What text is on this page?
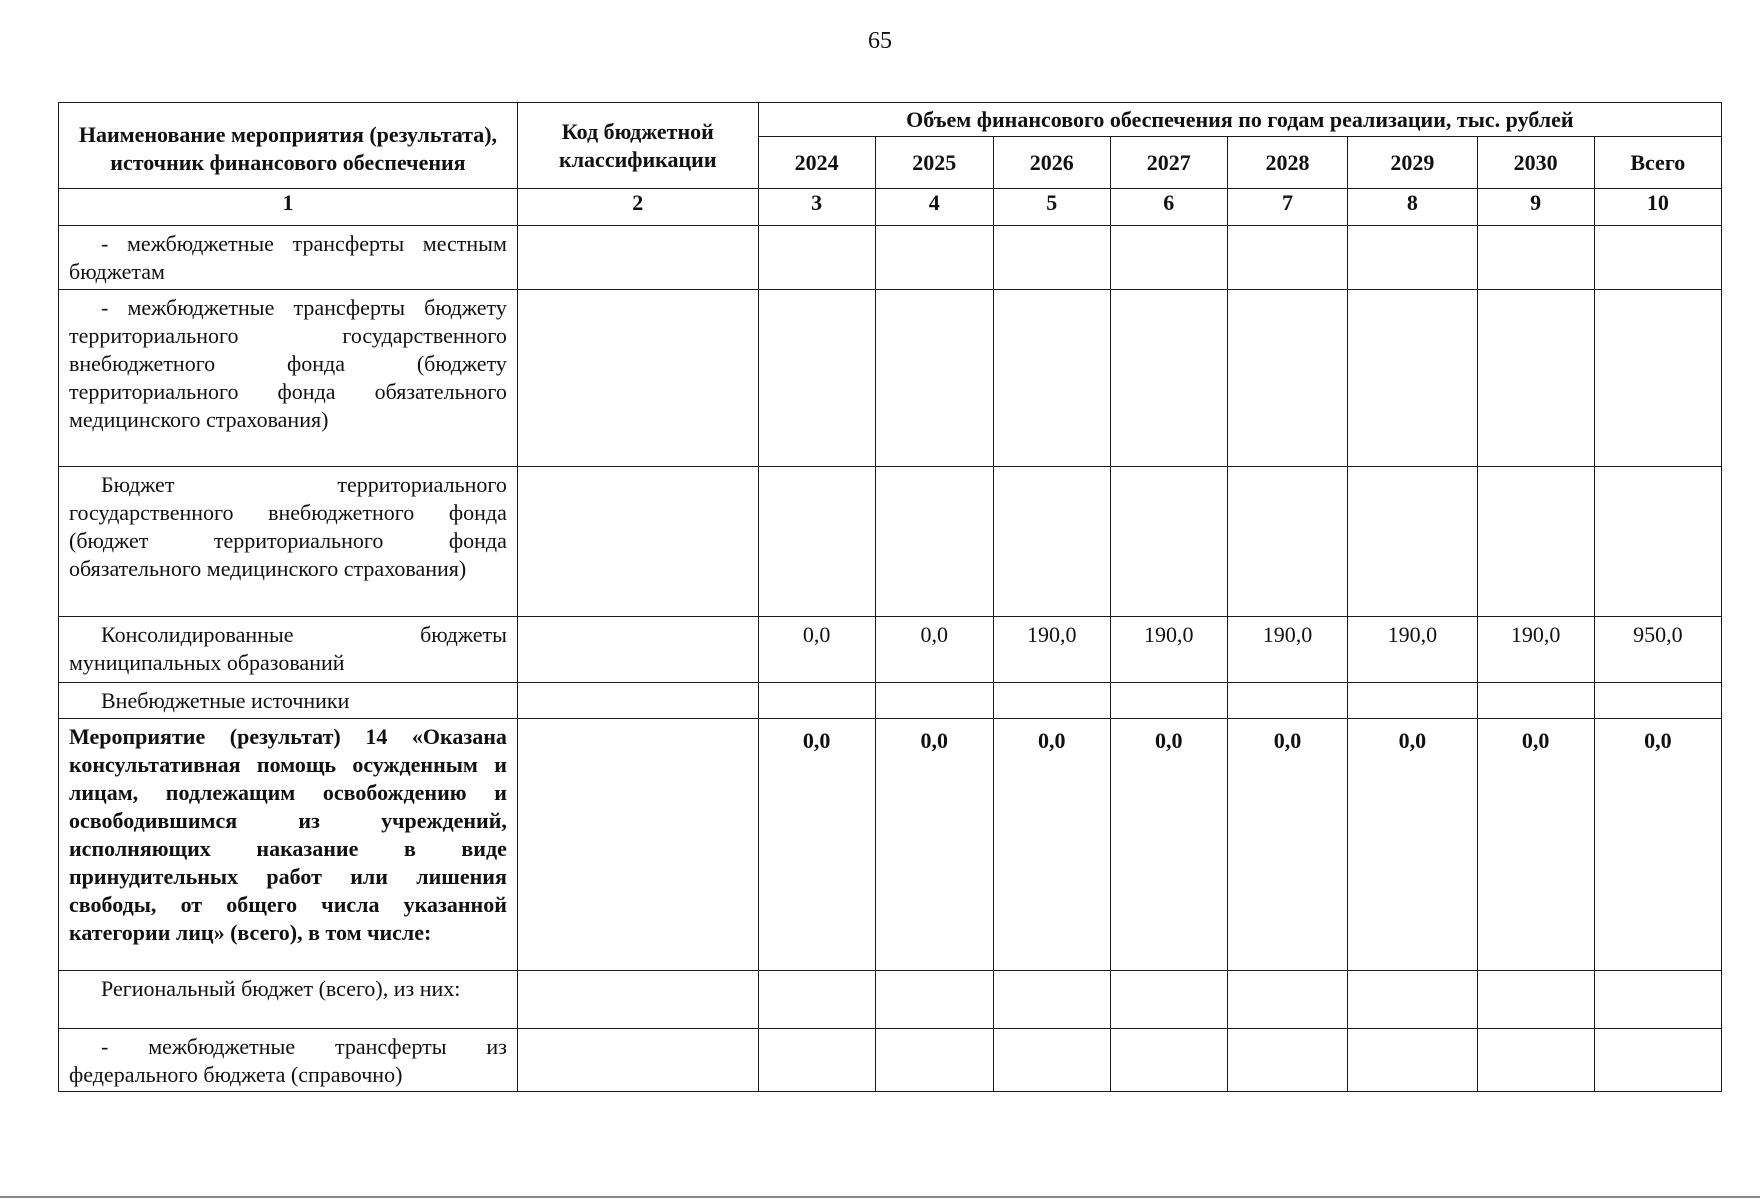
65
Наименование мероприятия (результата), источник финансового обеспечения	Код бюджетной классификации	Объем финансового обеспечения по годам реализации, тыс. рублей							
		2024	2025	2026	2027	2028	2029	2030	Всего
1	2	3	4	5	6	7	8	9	10
- межбюджетные трансферты местным бюджетам									
- межбюджетные трансферты бюджету территориального государственного внебюджетного фонда (бюджету территориального фонда обязательного медицинского страхования)									
Бюджет территориального государственного внебюджетного фонда (бюджет территориального фонда обязательного медицинского страхования)									
Консолидированные бюджеты муниципальных образований		0,0	0,0	190,0	190,0	190,0	190,0	190,0	950,0
Внебюджетные источники									
Мероприятие (результат) 14 «Оказана консультативная помощь осужденным и лицам, подлежащим освобождению и освободившимся из учреждений, исполняющих наказание в виде принудительных работ или лишения свободы, от общего числа указанной категории лиц» (всего), в том числе:		0,0	0,0	0,0	0,0	0,0	0,0	0,0	0,0
Региональный бюджет (всего), из них:									
- межбюджетные трансферты из федерального бюджета (справочно)									
